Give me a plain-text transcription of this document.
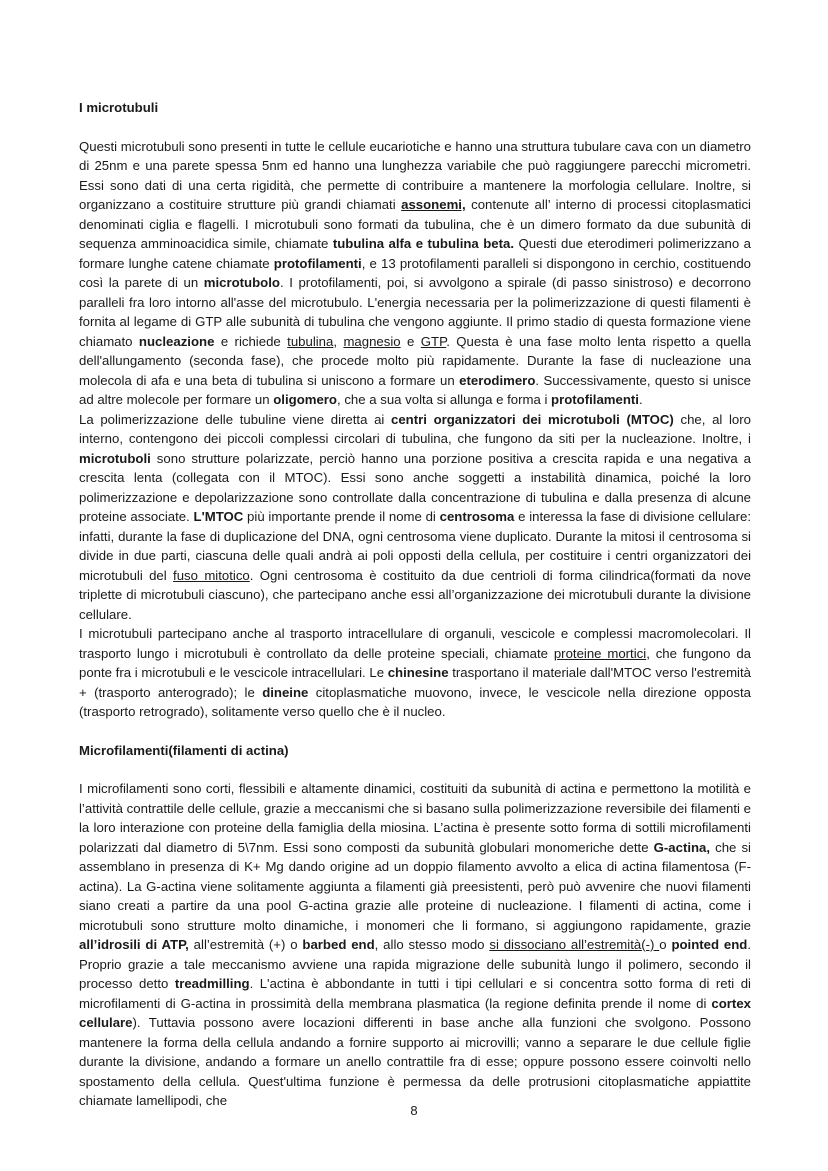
I microtubuli

Questi microtubuli sono presenti in tutte le cellule eucariotiche e hanno una struttura tubulare cava con un diametro di 25nm e una parete spessa 5nm ed hanno una lunghezza variabile che può raggiungere parecchi micrometri. Essi sono dati di una certa rigidità, che permette di contribuire a mantenere la morfologia cellulare. Inoltre, si organizzano a costituire strutture più grandi chiamati assonemi, contenute all’ interno di processi citoplasmatici denominati ciglia e flagelli. I microtubuli sono formati da tubulina, che è un dimero formato da due subunità di sequenza amminoacidica simile, chiamate tubulina alfa e tubulina beta. Questi due eterodimeri polimerizzano a formare lunghe catene chiamate protofilamenti, e 13 protofilamenti paralleli si dispongono in cerchio, costituendo così la parete di un microtubolo. I protofilamenti, poi, si avvolgono a spirale (di passo sinistroso) e decorrono paralleli fra loro intorno all'asse del microtubulo. L'energia necessaria per la polimerizzazione di questi filamenti è fornita al legame di GTP alle subunità di tubulina che vengono aggiunte. Il primo stadio di questa formazione viene chiamato nucleazione e richiede tubulina, magnesio e GTP. Questa è una fase molto lenta rispetto a quella dell'allungamento (seconda fase), che procede molto più rapidamente. Durante la fase di nucleazione una molecola di afa e una beta di tubulina si uniscono a formare un eterodimero. Successivamente, questo si unisce ad altre molecole per formare un oligomero, che a sua volta si allunga e forma i protofilamenti.

La polimerizzazione delle tubuline viene diretta ai centri organizzatori dei microtuboli (MTOC) che, al loro interno, contengono dei piccoli complessi circolari di tubulina, che fungono da siti per la nucleazione. Inoltre, i microtuboli sono strutture polarizzate, perciò hanno una porzione positiva a crescita rapida e una negativa a crescita lenta (collegata con il MTOC). Essi sono anche soggetti a instabilità dinamica, poiché la loro polimerizzazione e depolarizzazione sono controllate dalla concentrazione di tubulina e dalla presenza di alcune proteine associate. L'MTOC più importante prende il nome di centrosoma e interessa la fase di divisione cellulare: infatti, durante la fase di duplicazione del DNA, ogni centrosoma viene duplicato. Durante la mitosi il centrosoma si divide in due parti, ciascuna delle quali andrà ai poli opposti della cellula, per costituire i centri organizzatori dei microtubuli del fuso mitotico. Ogni centrosoma è costituito da due centrioli di forma cilindrica(formati da nove triplette di microtubuli ciascuno), che partecipano anche essi all’organizzazione dei microtubuli durante la divisione cellulare.

I microtubuli partecipano anche al trasporto intracellulare di organuli, vescicole e complessi macromolecolari. Il trasporto lungo i microtubuli è controllato da delle proteine speciali, chiamate proteine mortici, che fungono da ponte fra i microtubuli e le vescicole intracellulari. Le chinesine trasportano il materiale dall'MTOC verso l'estremità + (trasporto anterogrado); le dineine citoplasmatiche muovono, invece, le vescicole nella direzione opposta (trasporto retrogrado), solitamente verso quello che è il nucleo.

Microfilamenti(filamenti di actina)

I microfilamenti sono corti, flessibili e altamente dinamici, costituiti da subunità di actina e permettono la motilità e l’attività contrattile delle cellule, grazie a meccanismi che si basano sulla polimerizzazione reversibile dei filamenti e la loro interazione con proteine della famiglia della miosina. L’actina è presente sotto forma di sottili microfilamenti polarizzati dal diametro di 5\7nm. Essi sono composti da subunità globulari monomeriche dette G-actina, che si assemblano in presenza di K+ Mg dando origine ad un doppio filamento avvolto a elica di actina filamentosa (F-actina). La G-actina viene solitamente aggiunta a filamenti già preesistenti, però può avvenire che nuovi filamenti siano creati a partire da una pool G-actina grazie alle proteine di nucleazione. I filamenti di actina, come i microtubuli sono strutture molto dinamiche, i monomeri che li formano, si aggiungono rapidamente, grazie all’idrosili di ATP, all’estremità (+) o barbed end, allo stesso modo si dissociano all’estremità(-) o pointed end. Proprio grazie a tale meccanismo avviene una rapida migrazione delle subunità lungo il polimero, secondo il processo detto treadmilling. L'actina è abbondante in tutti i tipi cellulari e si concentra sotto forma di reti di microfilamenti di G-actina in prossimità della membrana plasmatica (la regione definita prende il nome di cortex cellulare). Tuttavia possono avere locazioni differenti in base anche alla funzioni che svolgono. Possono mantenere la forma della cellula andando a fornire supporto ai microvilli; vanno a separare le due cellule figlie durante la divisione, andando a formare un anello contrattile fra di esse; oppure possono essere coinvolti nello spostamento della cellula. Quest'ultima funzione è permessa da delle protrusioni citoplasmatiche appiattite chiamate lamellipodi, che

8
